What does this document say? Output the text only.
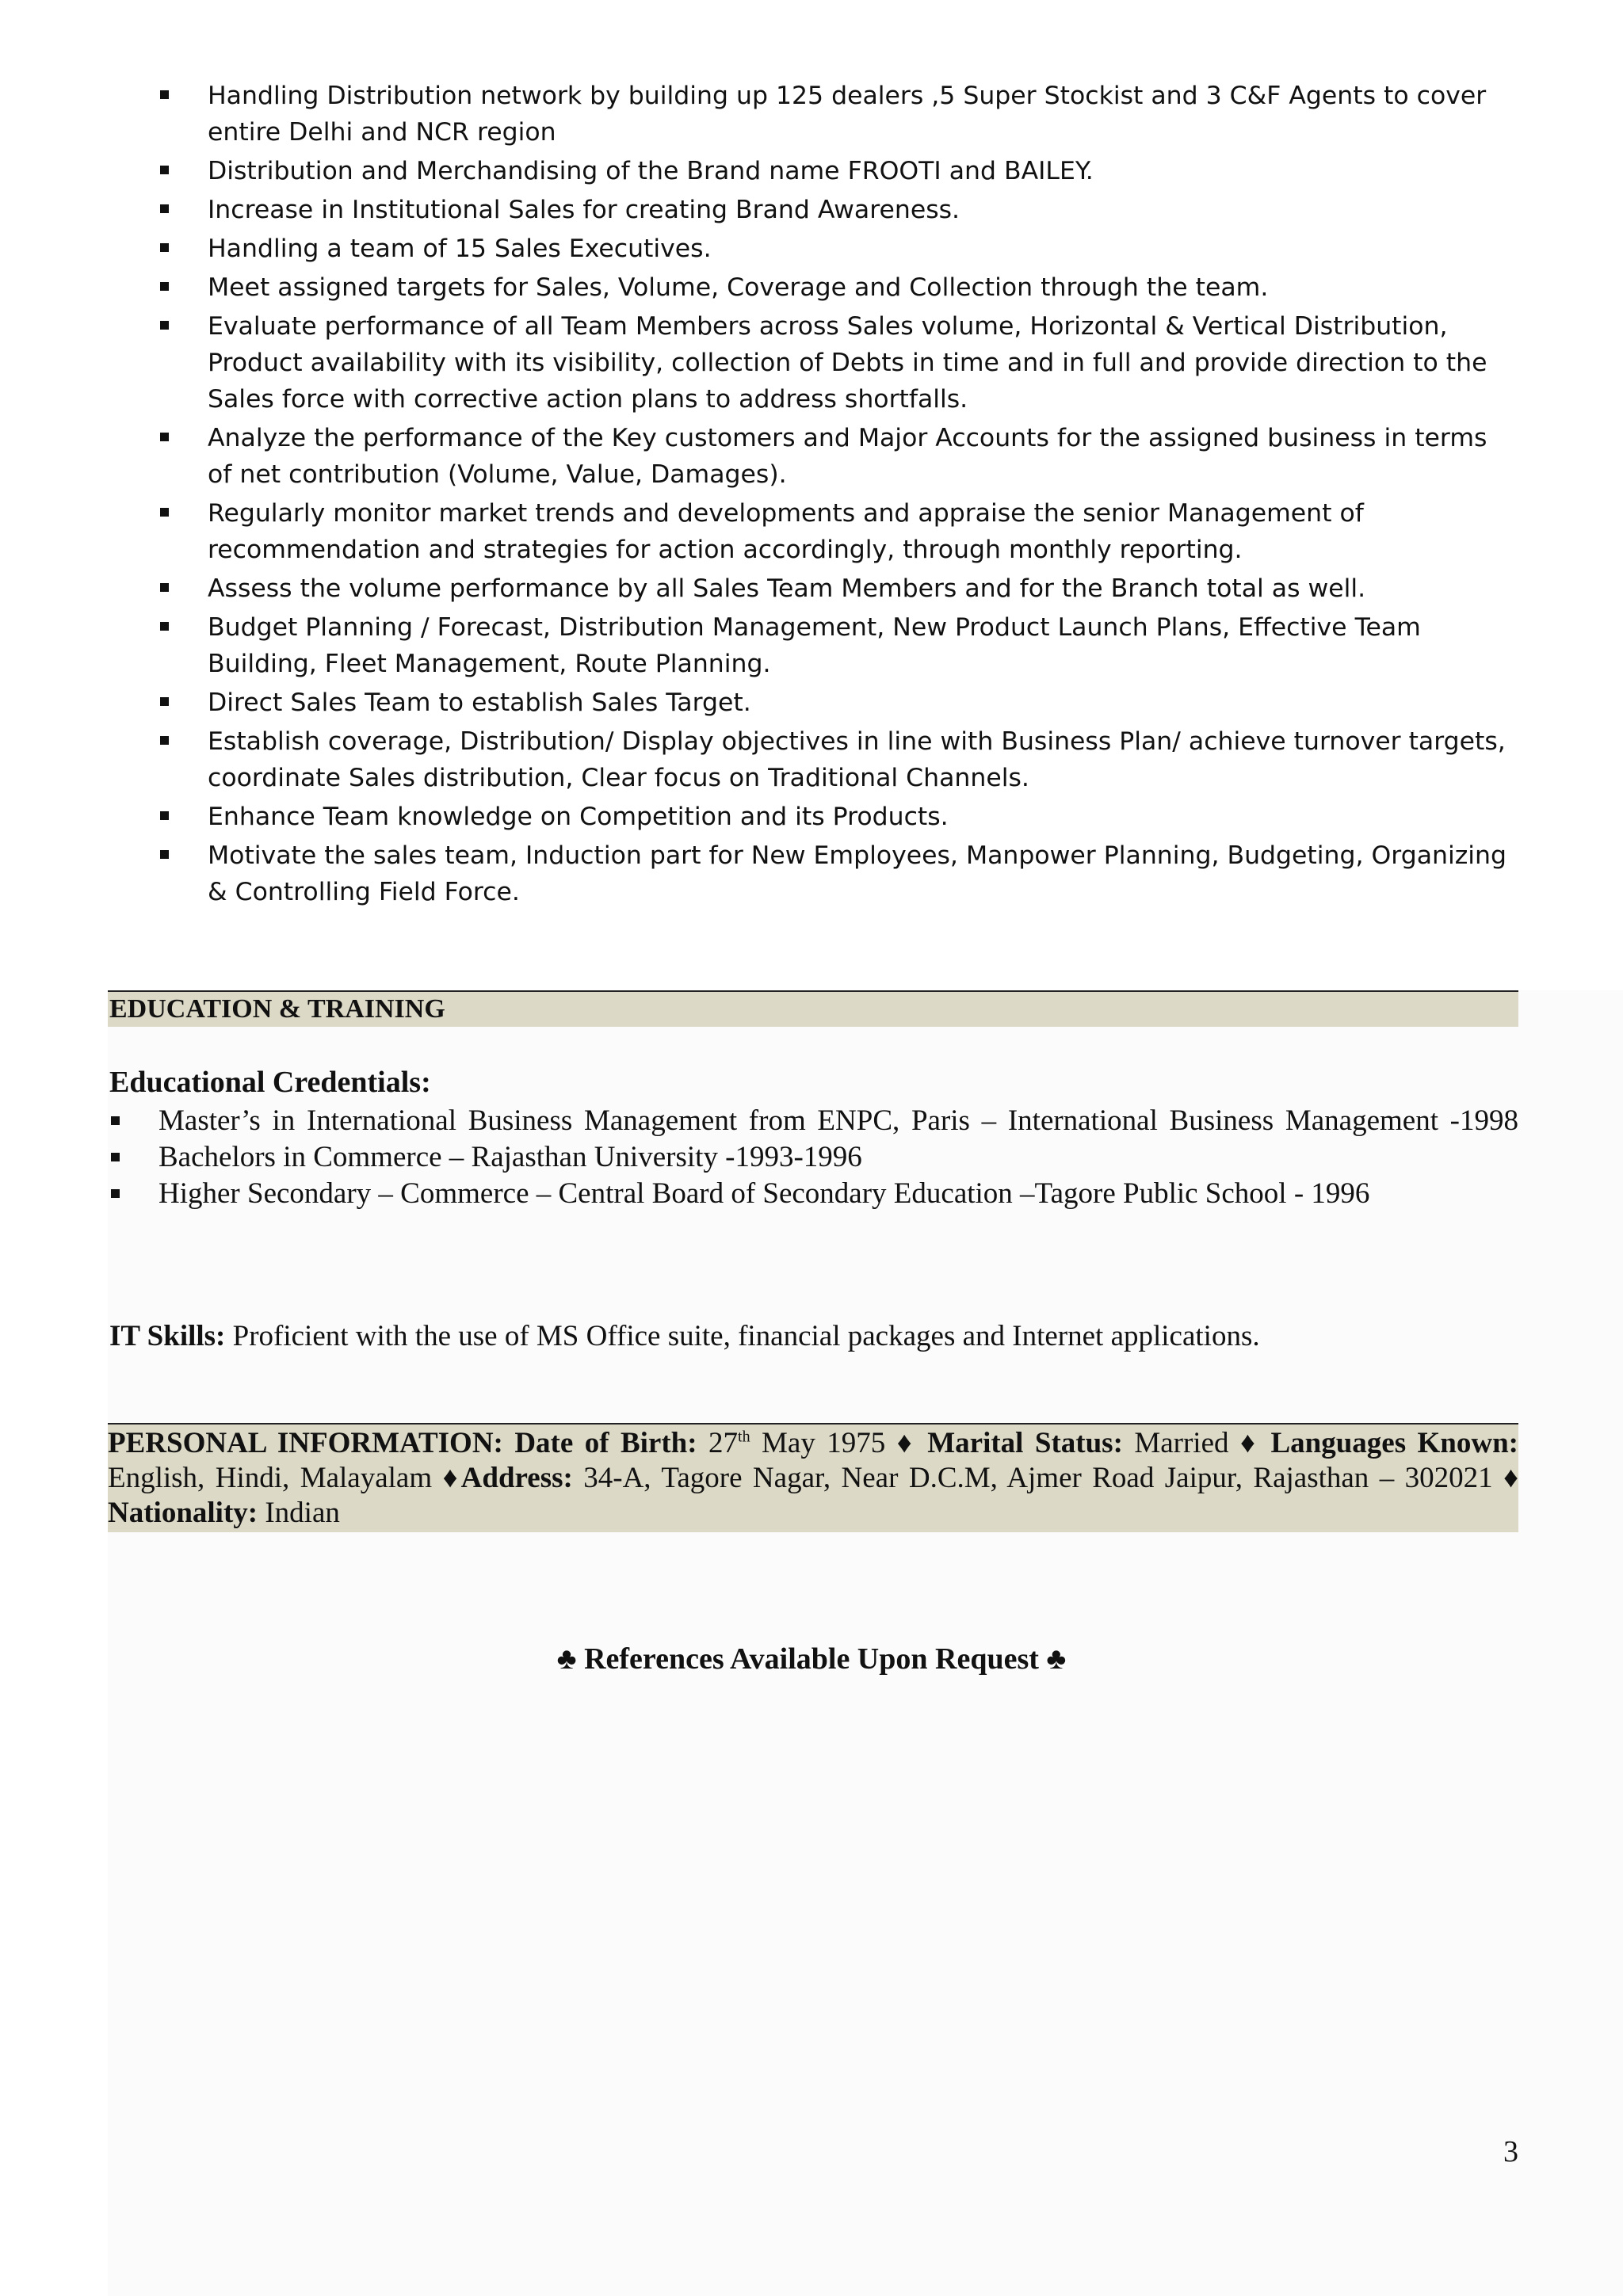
Handling Distribution network by building up 125 dealers ,5 Super Stockist and 3 C&F Agents to cover entire Delhi and NCR region
Distribution and Merchandising of the Brand name FROOTI and BAILEY.
Increase in Institutional Sales for creating Brand Awareness.
Handling a team of 15 Sales Executives.
Meet assigned targets for Sales, Volume, Coverage and Collection through the team.
Evaluate performance of all Team Members across Sales volume, Horizontal & Vertical Distribution, Product availability with its visibility, collection of Debts in time and in full and provide direction to the Sales force with corrective action plans to address shortfalls.
Analyze the performance of the Key customers and Major Accounts for the assigned business in terms of net contribution (Volume, Value, Damages).
Regularly monitor market trends and developments and appraise the senior Management of recommendation and strategies for action accordingly, through monthly reporting.
Assess the volume performance by all Sales Team Members and for the Branch total as well.
Budget Planning / Forecast, Distribution Management, New Product Launch Plans, Effective Team Building, Fleet Management, Route Planning.
Direct Sales Team to establish Sales Target.
Establish coverage, Distribution/ Display objectives in line with Business Plan/ achieve turnover targets, coordinate Sales distribution, Clear focus on Traditional Channels.
Enhance Team knowledge on Competition and its Products.
Motivate the sales team, Induction part for New Employees, Manpower Planning, Budgeting, Organizing & Controlling Field Force.
EDUCATION & TRAINING
Educational Credentials:
Master’s in International Business Management from ENPC, Paris – International Business Management -1998
Bachelors in Commerce – Rajasthan University -1993-1996
Higher Secondary – Commerce – Central Board of Secondary Education –Tagore Public School - 1996
IT Skills: Proficient with the use of MS Office suite, financial packages and Internet applications.
PERSONAL INFORMATION: Date of Birth: 27th May 1975 ♦ Marital Status: Married ♦ Languages Known: English, Hindi, Malayalam ♦Address: 34-A, Tagore Nagar, Near D.C.M, Ajmer Road Jaipur, Rajasthan – 302021 ♦ Nationality: Indian
♣ References Available Upon Request ♣
3
